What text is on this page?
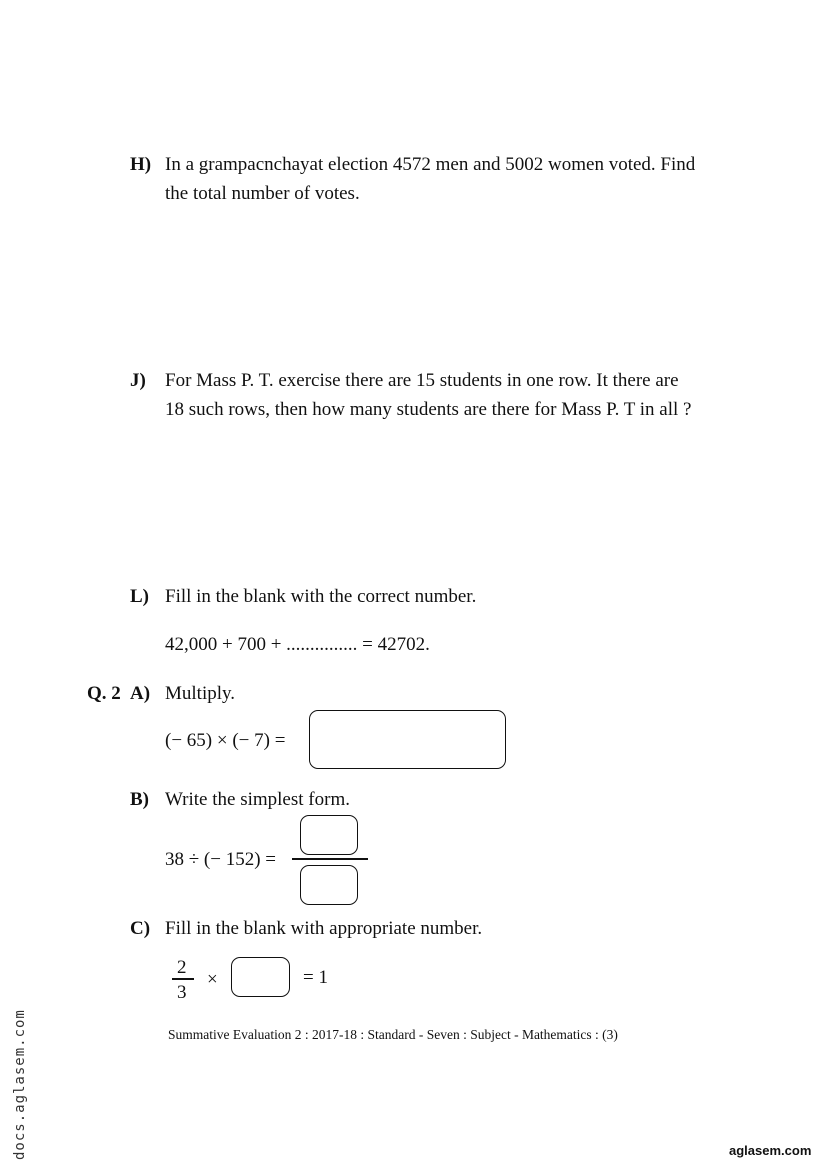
H) In a grampacnchayat election 4572 men and 5002 women voted. Find
the total number of votes.
J) For Mass P. T. exercise there are 15 students in one row. It there are
18 such rows, then how many students are there for Mass P. T in all ?
L) Fill in the blank with the correct number.
42,000 + 700 + ............... = 42702.
Q. 2 A) Multiply.
(− 65) × (− 7) =
B) Write the simplest form.
38 ÷ (− 152) =
C) Fill in the blank with appropriate number.
2
3
×	= 1
Summative Evaluation 2 : 2017-18 : Standard - Seven : Subject - Mathematics : (3)
docs.aglasem.com	aglasem.com
